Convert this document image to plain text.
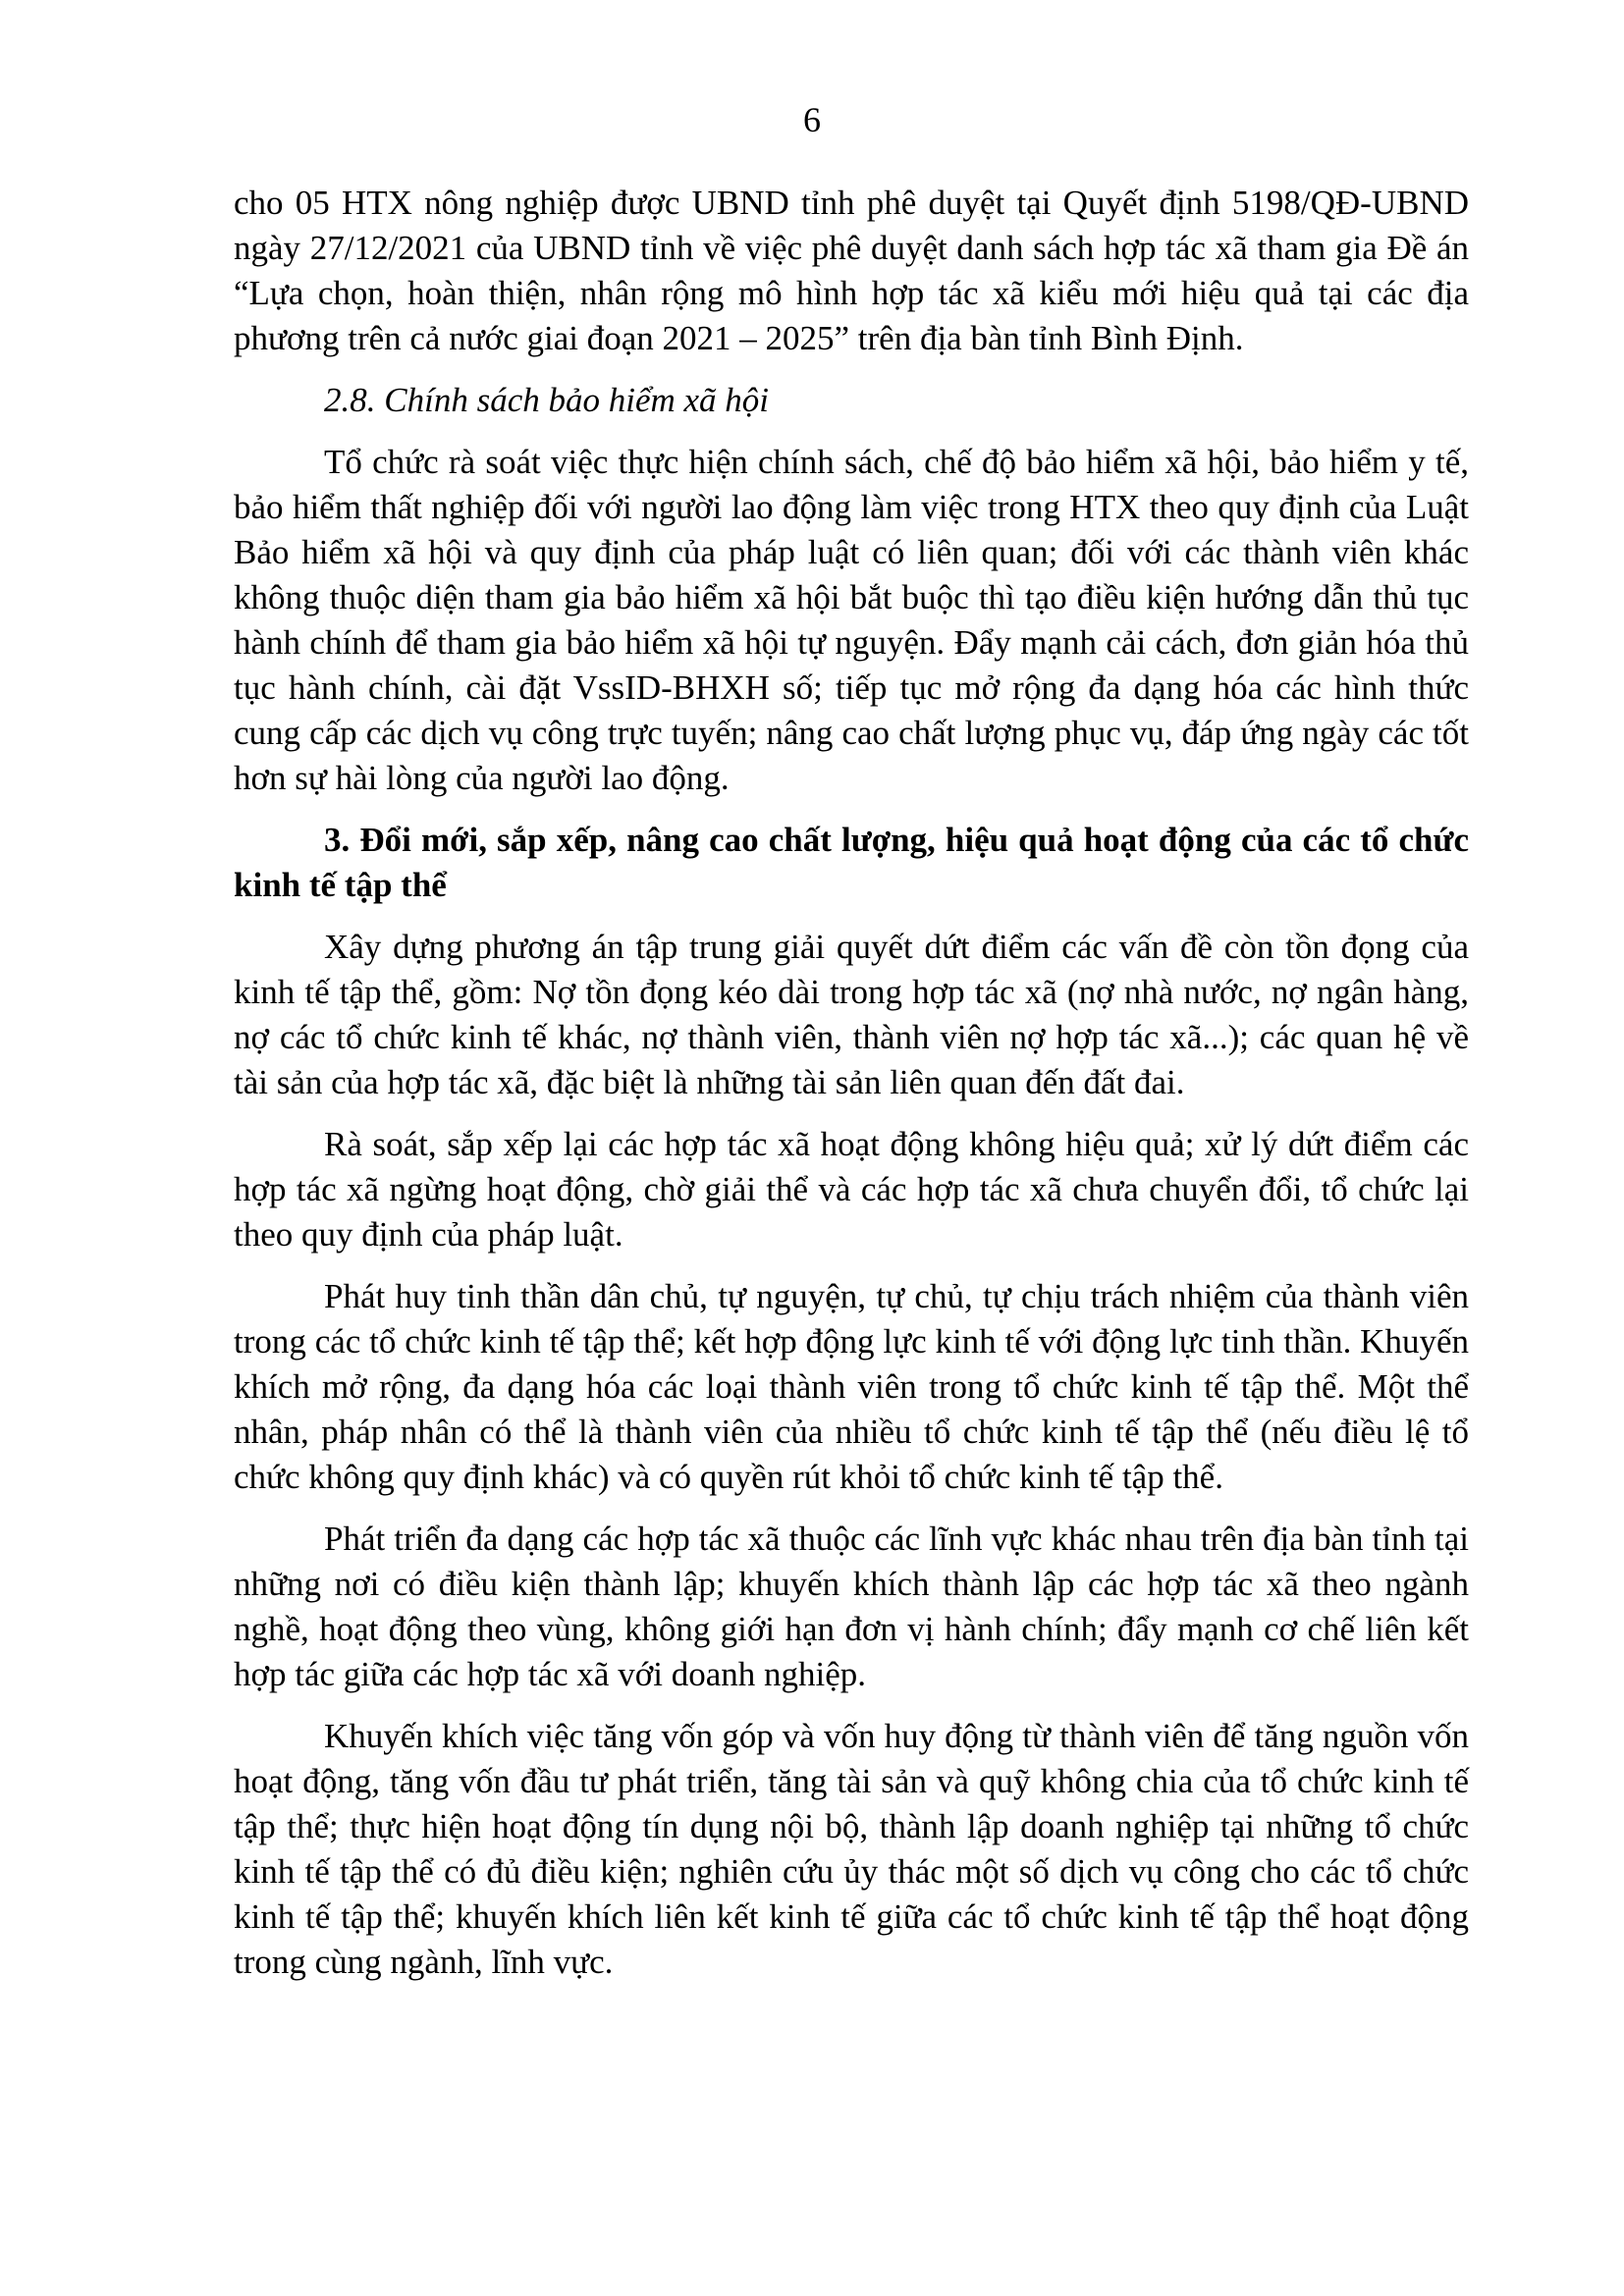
6

cho 05 HTX nông nghiệp được UBND tỉnh phê duyệt tại Quyết định 5198/QĐ-UBND ngày 27/12/2021 của UBND tỉnh về việc phê duyệt danh sách hợp tác xã tham gia Đề án “Lựa chọn, hoàn thiện, nhân rộng mô hình hợp tác xã kiểu mới hiệu quả tại các địa phương trên cả nước giai đoạn 2021 – 2025” trên địa bàn tỉnh Bình Định.

2.8. Chính sách bảo hiểm xã hội

Tổ chức rà soát việc thực hiện chính sách, chế độ bảo hiểm xã hội, bảo hiểm y tế, bảo hiểm thất nghiệp đối với người lao động làm việc trong HTX theo quy định của Luật Bảo hiểm xã hội và quy định của pháp luật có liên quan; đối với các thành viên khác không thuộc diện tham gia bảo hiểm xã hội bắt buộc thì tạo điều kiện hướng dẫn thủ tục hành chính để tham gia bảo hiểm xã hội tự nguyện. Đẩy mạnh cải cách, đơn giản hóa thủ tục hành chính, cài đặt VssID-BHXH số; tiếp tục mở rộng đa dạng hóa các hình thức cung cấp các dịch vụ công trực tuyến; nâng cao chất lượng phục vụ, đáp ứng ngày các tốt hơn sự hài lòng của người lao động.

3. Đổi mới, sắp xếp, nâng cao chất lượng, hiệu quả hoạt động của các tổ chức kinh tế tập thể

Xây dựng phương án tập trung giải quyết dứt điểm các vấn đề còn tồn đọng của kinh tế tập thể, gồm: Nợ tồn đọng kéo dài trong hợp tác xã (nợ nhà nước, nợ ngân hàng, nợ các tổ chức kinh tế khác, nợ thành viên, thành viên nợ hợp tác xã...); các quan hệ về tài sản của hợp tác xã, đặc biệt là những tài sản liên quan đến đất đai.

Rà soát, sắp xếp lại các hợp tác xã hoạt động không hiệu quả; xử lý dứt điểm các hợp tác xã ngừng hoạt động, chờ giải thể và các hợp tác xã chưa chuyển đổi, tổ chức lại theo quy định của pháp luật.

Phát huy tinh thần dân chủ, tự nguyện, tự chủ, tự chịu trách nhiệm của thành viên trong các tổ chức kinh tế tập thể; kết hợp động lực kinh tế với động lực tinh thần. Khuyến khích mở rộng, đa dạng hóa các loại thành viên trong tổ chức kinh tế tập thể. Một thể nhân, pháp nhân có thể là thành viên của nhiều tổ chức kinh tế tập thể (nếu điều lệ tổ chức không quy định khác) và có quyền rút khỏi tổ chức kinh tế tập thể.

Phát triển đa dạng các hợp tác xã thuộc các lĩnh vực khác nhau trên địa bàn tỉnh tại những nơi có điều kiện thành lập; khuyến khích thành lập các hợp tác xã theo ngành nghề, hoạt động theo vùng, không giới hạn đơn vị hành chính; đẩy mạnh cơ chế liên kết hợp tác giữa các hợp tác xã với doanh nghiệp.

Khuyến khích việc tăng vốn góp và vốn huy động từ thành viên để tăng nguồn vốn hoạt động, tăng vốn đầu tư phát triển, tăng tài sản và quỹ không chia của tổ chức kinh tế tập thể; thực hiện hoạt động tín dụng nội bộ, thành lập doanh nghiệp tại những tổ chức kinh tế tập thể có đủ điều kiện; nghiên cứu ủy thác một số dịch vụ công cho các tổ chức kinh tế tập thể; khuyến khích liên kết kinh tế giữa các tổ chức kinh tế tập thể hoạt động trong cùng ngành, lĩnh vực.
